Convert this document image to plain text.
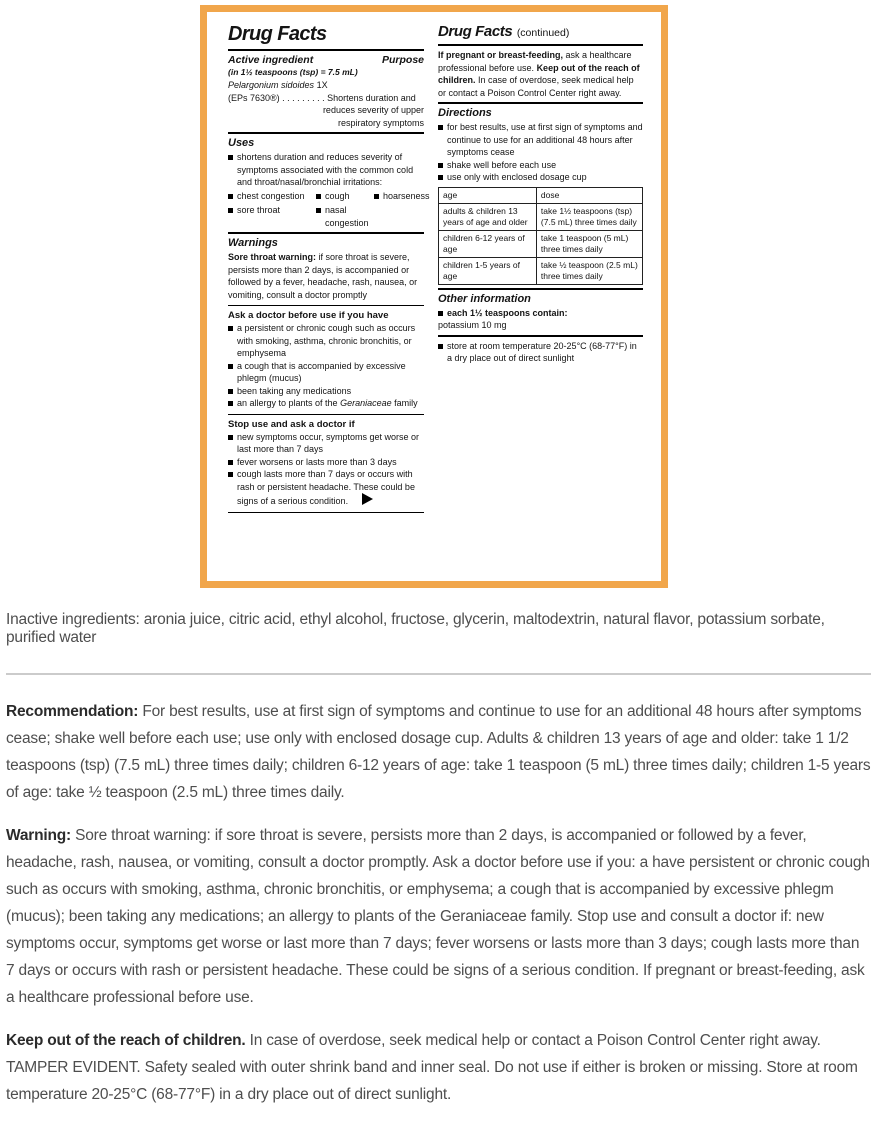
Drug Facts
Active ingredient	Purpose
(in 1½ teaspoons (tsp) = 7.5 mL)
Pelargonium sidoides 1X
(EPs 7630®) . . . . . . . . . Shortens duration and
reduces severity of upper
respiratory symptoms
Uses
shortens duration and reduces severity of symptoms associated with the common cold and throat/nasal/bronchial irritations:
chest congestion cough	hoarseness
sore throat	nasal congestion
Warnings

Sore throat warning: if sore throat is severe, persists more than 2 days, is accompanied or followed by a fever, headache, rash, nausea, or vomiting, consult a doctor promptly

Ask a doctor before use if you have
a persistent or chronic cough such as occurs with smoking, asthma, chronic bronchitis, or emphysema
a cough that is accompanied by excessive phlegm (mucus)
been taking any medications
an allergy to plants of the Geraniaceae family
Stop use and ask a doctor if
new symptoms occur, symptoms get worse or last more than 7 days
fever worsens or lasts more than 3 days
cough lasts more than 7 days or occurs with rash or persistent headache. These could be signs of a serious condition.
Drug Facts (continued)

If pregnant or breast-feeding, ask a healthcare professional before use. Keep out of the reach of children. In case of overdose, seek medical help or contact a Poison Control Center right away.

Directions
for best results, use at first sign of symptoms and continue to use for an additional 48 hours after symptoms cease
shake well before each use
use only with enclosed dosage cup
age	dose
adults & children 13 years of age and older	take 1½ teaspoons (tsp) (7.5 mL) three times daily
children 6-12 years of age	take 1 teaspoon (5 mL) three times daily
children 1-5 years of age	take ½ teaspoon (2.5 mL) three times daily
Other information
each 1½ teaspoons contain:
potassium 10 mg
store at room temperature 20-25°C (68-77°F) in a dry place out of direct sunlight

Inactive ingredients: aronia juice, citric acid, ethyl alcohol, fructose, glycerin, maltodextrin, natural flavor, potassium sorbate, purified water

Recommendation: For best results, use at first sign of symptoms and continue to use for an additional 48 hours after symptoms cease; shake well before each use; use only with enclosed dosage cup. Adults & children 13 years of age and older: take 1 1/2 teaspoons (tsp) (7.5 mL) three times daily; children 6-12 years of age: take 1 teaspoon (5 mL) three times daily; children 1-5 years of age: take ½ teaspoon (2.5 mL) three times daily.

Warning: Sore throat warning: if sore throat is severe, persists more than 2 days, is accompanied or followed by a fever, headache, rash, nausea, or vomiting, consult a doctor promptly. Ask a doctor before use if you: a have persistent or chronic cough such as occurs with smoking, asthma, chronic bronchitis, or emphysema; a cough that is accompanied by excessive phlegm (mucus); been taking any medications; an allergy to plants of the Geraniaceae family. Stop use and consult a doctor if: new symptoms occur, symptoms get worse or last more than 7 days; fever worsens or lasts more than 3 days; cough lasts more than 7 days or occurs with rash or persistent headache. These could be signs of a serious condition. If pregnant or breast-feeding, ask a healthcare professional before use.

Keep out of the reach of children. In case of overdose, seek medical help or contact a Poison Control Center right away. TAMPER EVIDENT. Safety sealed with outer shrink band and inner seal. Do not use if either is broken or missing. Store at room temperature 20-25°C (68-77°F) in a dry place out of direct sunlight.
